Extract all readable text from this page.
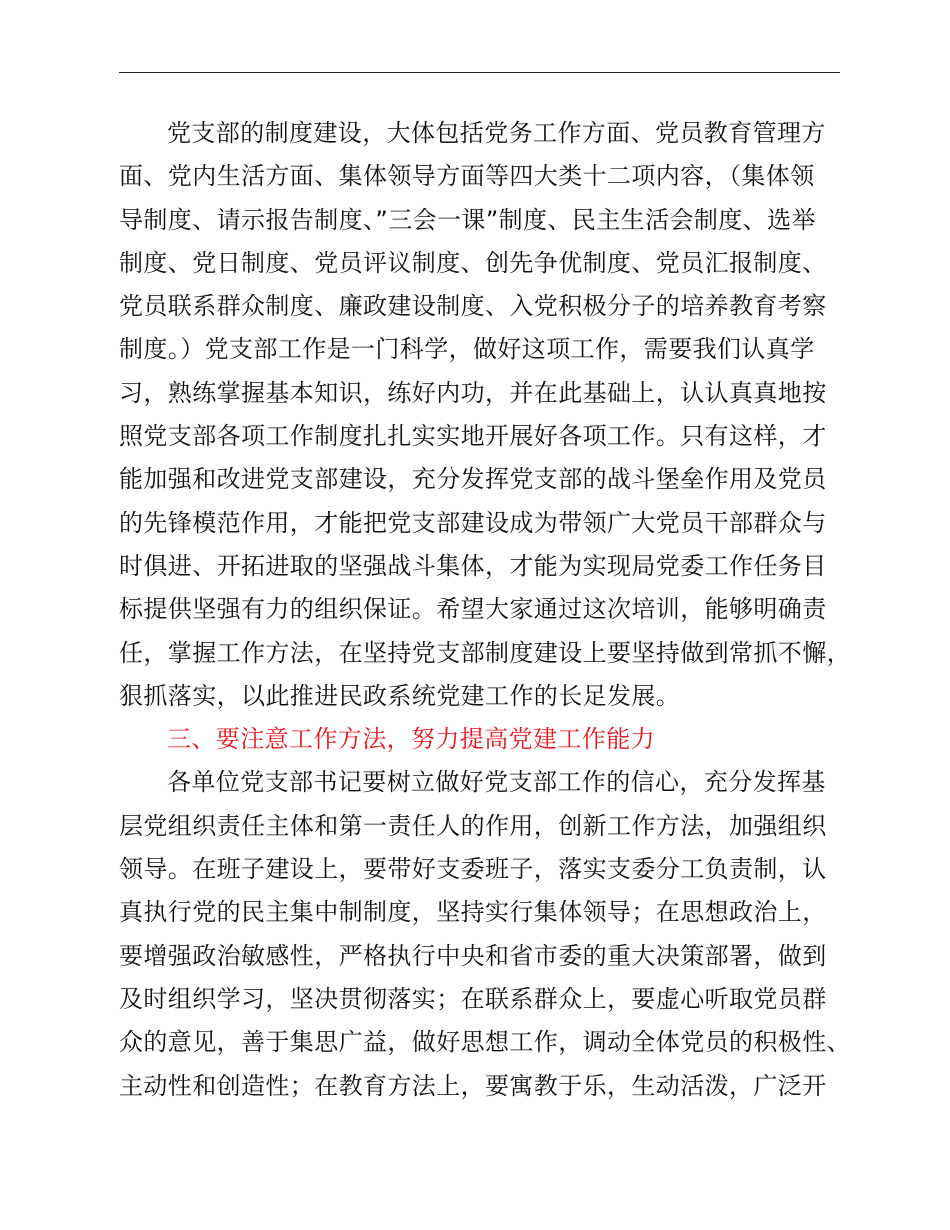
党支部的制度建设，大体包括党务工作方面、党员教育管理方
面、党内生活方面、集体领导方面等四大类十二项内容，（集体领
导制度、请示报告制度、”三会一课”制度、民主生活会制度、选举
制度、党日制度、党员评议制度、创先争优制度、党员汇报制度、
党员联系群众制度、廉政建设制度、入党积极分子的培养教育考察
制度。）党支部工作是一门科学，做好这项工作，需要我们认真学
习，熟练掌握基本知识，练好内功，并在此基础上，认认真真地按
照党支部各项工作制度扎扎实实地开展好各项工作。只有这样，才
能加强和改进党支部建设，充分发挥党支部的战斗堡垒作用及党员
的先锋模范作用，才能把党支部建设成为带领广大党员干部群众与
时俱进、开拓进取的坚强战斗集体，才能为实现局党委工作任务目
标提供坚强有力的组织保证。希望大家通过这次培训，能够明确责
任，掌握工作方法，在坚持党支部制度建设上要坚持做到常抓不懈，
狠抓落实，以此推进民政系统党建工作的长足发展。
三、要注意工作方法，努力提高党建工作能力
各单位党支部书记要树立做好党支部工作的信心，充分发挥基
层党组织责任主体和第一责任人的作用，创新工作方法，加强组织
领导。在班子建设上，要带好支委班子，落实支委分工负责制，认
真执行党的民主集中制制度，坚持实行集体领导；在思想政治上，
要增强政治敏感性，严格执行中央和省市委的重大决策部署，做到
及时组织学习，坚决贯彻落实；在联系群众上，要虚心听取党员群
众的意见，善于集思广益，做好思想工作，调动全体党员的积极性、
主动性和创造性；在教育方法上，要寓教于乐，生动活泼，广泛开
